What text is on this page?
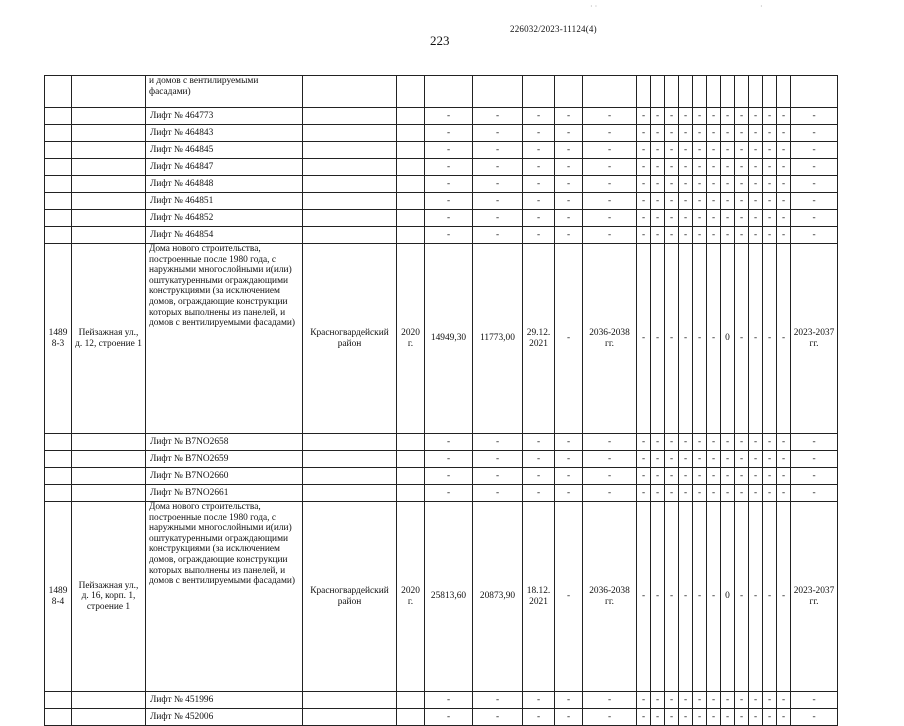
226032/2023-11124(4)
223
		и домов с вентилируемыми фасадами)																			
		Лифт № 464773			-	-	-	-	-	-	-	-	-	-	-	-	-	-	-	-	-
		Лифт № 464843			-	-	-	-	-	-	-	-	-	-	-	-	-	-	-	-	-
		Лифт № 464845			-	-	-	-	-	-	-	-	-	-	-	-	-	-	-	-	-
		Лифт № 464847			-	-	-	-	-	-	-	-	-	-	-	-	-	-	-	-	-
		Лифт № 464848			-	-	-	-	-	-	-	-	-	-	-	-	-	-	-	-	-
		Лифт № 464851			-	-	-	-	-	-	-	-	-	-	-	-	-	-	-	-	-
		Лифт № 464852			-	-	-	-	-	-	-	-	-	-	-	-	-	-	-	-	-
		Лифт № 464854			-	-	-	-	-	-	-	-	-	-	-	-	-	-	-	-	-
1489 8-3	Пейзажная ул., д. 12, строение 1	Дома нового строительства, построенные после 1980 года, с наружными многослойными и(или) оштукатуренными ограждающими конструкциями (за исключением домов, ограждающие конструкции которых выполнены из панелей, и домов с вентилируемыми фасадами)	Красногвардейский район	2020 г.	14949,30	11773,00	29.12. 2021	-	2036-2038 гг.	-	-	-	-	-	-	0	-	-	-	-	2023-2037 гг.
		Лифт № B7NO2658			-	-	-	-	-	-	-	-	-	-	-	-	-	-	-	-	-
		Лифт № B7NO2659			-	-	-	-	-	-	-	-	-	-	-	-	-	-	-	-	-
		Лифт № B7NO2660			-	-	-	-	-	-	-	-	-	-	-	-	-	-	-	-	-
		Лифт № B7NO2661			-	-	-	-	-	-	-	-	-	-	-	-	-	-	-	-	-
1489 8-4	Пейзажная ул., д. 16, корп. 1, строение 1	Дома нового строительства, построенные после 1980 года, с наружными многослойными и(или) оштукатуренными ограждающими конструкциями (за исключением домов, ограждающие конструкции которых выполнены из панелей, и домов с вентилируемыми фасадами)	Красногвардейский район	2020 г.	25813,60	20873,90	18.12. 2021	-	2036-2038 гг.	-	-	-	-	-	-	0	-	-	-	-	2023-2037 гг.
		Лифт № 451996			-	-	-	-	-	-	-	-	-	-	-	-	-	-	-	-	-
		Лифт № 452006			-	-	-	-	-	-	-	-	-	-	-	-	-	-	-	-	-
· ·	·
